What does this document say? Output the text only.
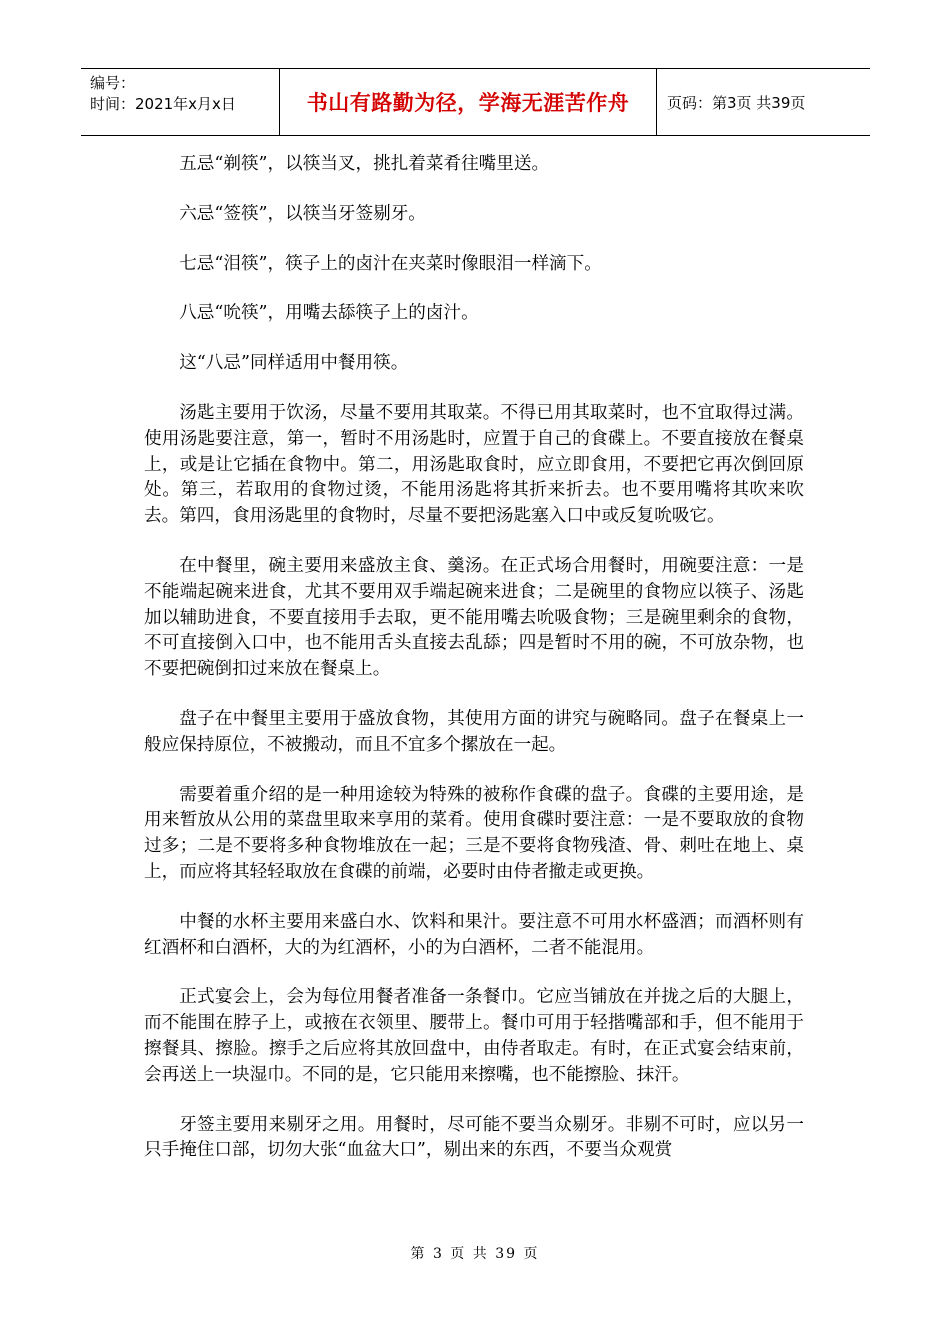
编号：
时间：2021年x月x日	书山有路勤为径，学海无涯苦作舟	页码：第3页 共39页

五忌“剃筷”，以筷当叉，挑扎着菜肴往嘴里送。

六忌“签筷”，以筷当牙签剔牙。

七忌“泪筷”，筷子上的卤汁在夹菜时像眼泪一样滴下。

八忌“吮筷”，用嘴去舔筷子上的卤汁。

这“八忌”同样适用中餐用筷。

汤匙主要用于饮汤，尽量不要用其取菜。不得已用其取菜时，也不宜取得过满。使用汤匙要注意，第一，暂时不用汤匙时，应置于自己的食碟上。不要直接放在餐桌上，或是让它插在食物中。第二，用汤匙取食时，应立即食用，不要把它再次倒回原处。第三，若取用的食物过烫，不能用汤匙将其折来折去。也不要用嘴将其吹来吹去。第四，食用汤匙里的食物时，尽量不要把汤匙塞入口中或反复吮吸它。

在中餐里，碗主要用来盛放主食、羹汤。在正式场合用餐时，用碗要注意：一是不能端起碗来进食，尤其不要用双手端起碗来进食；二是碗里的食物应以筷子、汤匙加以辅助进食，不要直接用手去取，更不能用嘴去吮吸食物；三是碗里剩余的食物，不可直接倒入口中，也不能用舌头直接去乱舔；四是暂时不用的碗，不可放杂物，也不要把碗倒扣过来放在餐桌上。

盘子在中餐里主要用于盛放食物，其使用方面的讲究与碗略同。盘子在餐桌上一般应保持原位，不被搬动，而且不宜多个摞放在一起。

需要着重介绍的是一种用途较为特殊的被称作食碟的盘子。食碟的主要用途，是用来暂放从公用的菜盘里取来享用的菜肴。使用食碟时要注意：一是不要取放的食物过多；二是不要将多种食物堆放在一起；三是不要将食物残渣、骨、刺吐在地上、桌上，而应将其轻轻取放在食碟的前端，必要时由侍者撤走或更换。

中餐的水杯主要用来盛白水、饮料和果汁。要注意不可用水杯盛酒；而酒杯则有红酒杯和白酒杯，大的为红酒杯，小的为白酒杯，二者不能混用。

正式宴会上，会为每位用餐者准备一条餐巾。它应当铺放在并拢之后的大腿上，而不能围在脖子上，或掖在衣领里、腰带上。餐巾可用于轻揩嘴部和手，但不能用于擦餐具、擦脸。擦手之后应将其放回盘中，由侍者取走。有时，在正式宴会结束前，会再送上一块湿巾。不同的是，它只能用来擦嘴，也不能擦脸、抹汗。

牙签主要用来剔牙之用。用餐时，尽可能不要当众剔牙。非剔不可时，应以另一只手掩住口部，切勿大张“血盆大口”，剔出来的东西，不要当众观赏

第 3 页 共 39 页
